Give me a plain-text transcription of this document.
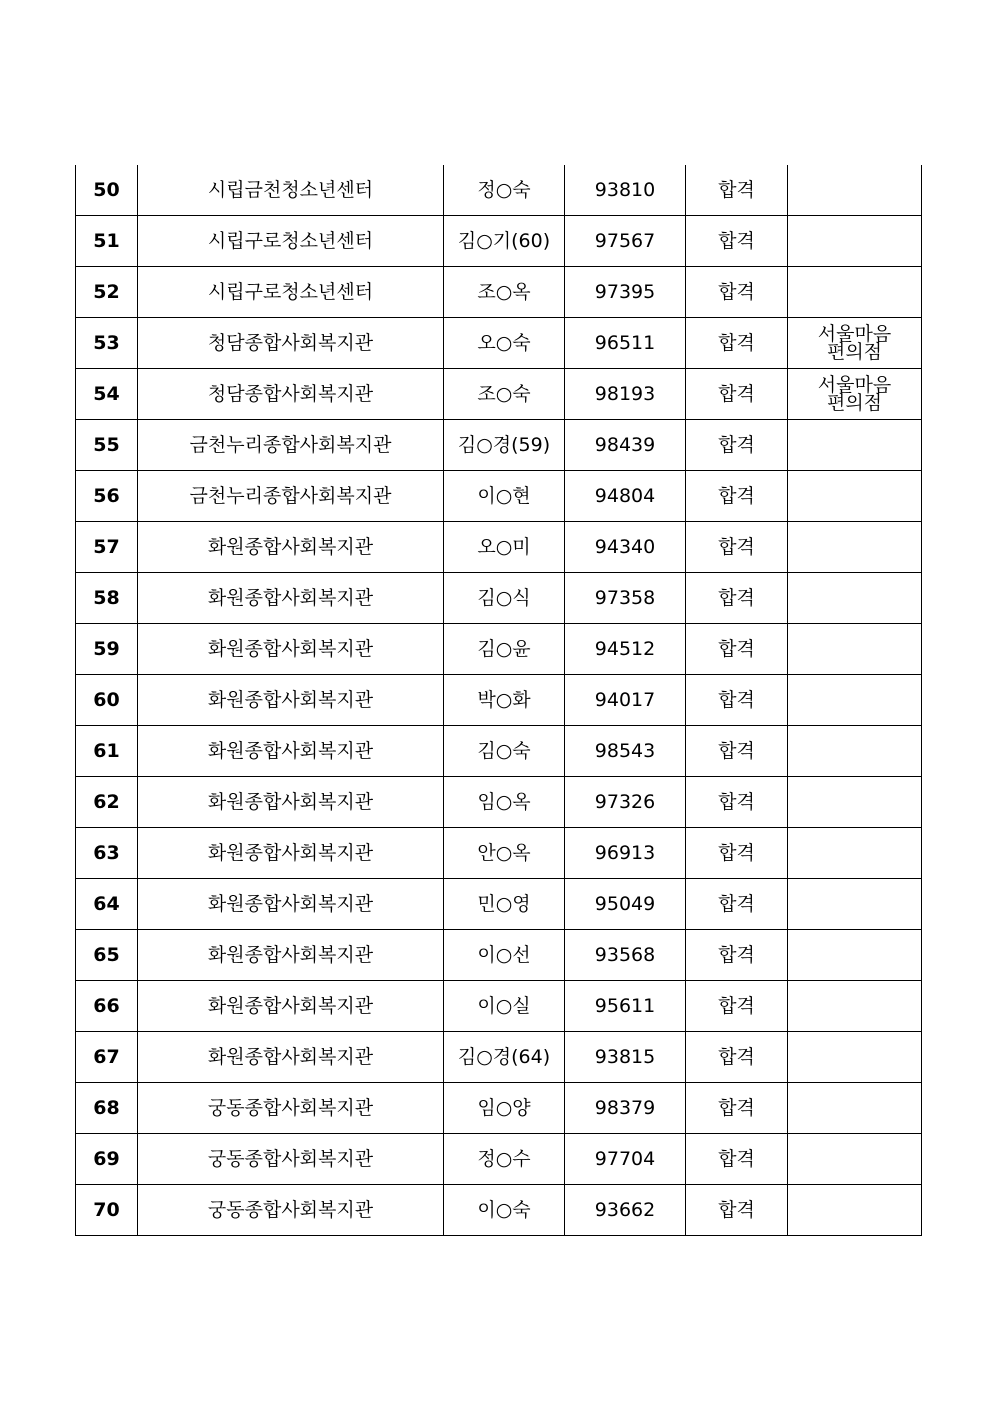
50	시립금천청소년센터	정○숙	93810	합격	
51	시립구로청소년센터	김○기(60)	97567	합격	
52	시립구로청소년센터	조○옥	97395	합격	
53	청담종합사회복지관	오○숙	96511	합격	서울마음
편의점

54	청담종합사회복지관	조○숙	98193	합격	서울마음
편의점

55	금천누리종합사회복지관	김○경(59)	98439	합격	
56	금천누리종합사회복지관	이○현	94804	합격	
57	화원종합사회복지관	오○미	94340	합격	
58	화원종합사회복지관	김○식	97358	합격	
59	화원종합사회복지관	김○윤	94512	합격	
60	화원종합사회복지관	박○화	94017	합격	
61	화원종합사회복지관	김○숙	98543	합격	
62	화원종합사회복지관	임○옥	97326	합격	
63	화원종합사회복지관	안○옥	96913	합격	
64	화원종합사회복지관	민○영	95049	합격	
65	화원종합사회복지관	이○선	93568	합격	
66	화원종합사회복지관	이○실	95611	합격	
67	화원종합사회복지관	김○경(64)	93815	합격	
68	궁동종합사회복지관	임○양	98379	합격	
69	궁동종합사회복지관	정○수	97704	합격	
70	궁동종합사회복지관	이○숙	93662	합격	
